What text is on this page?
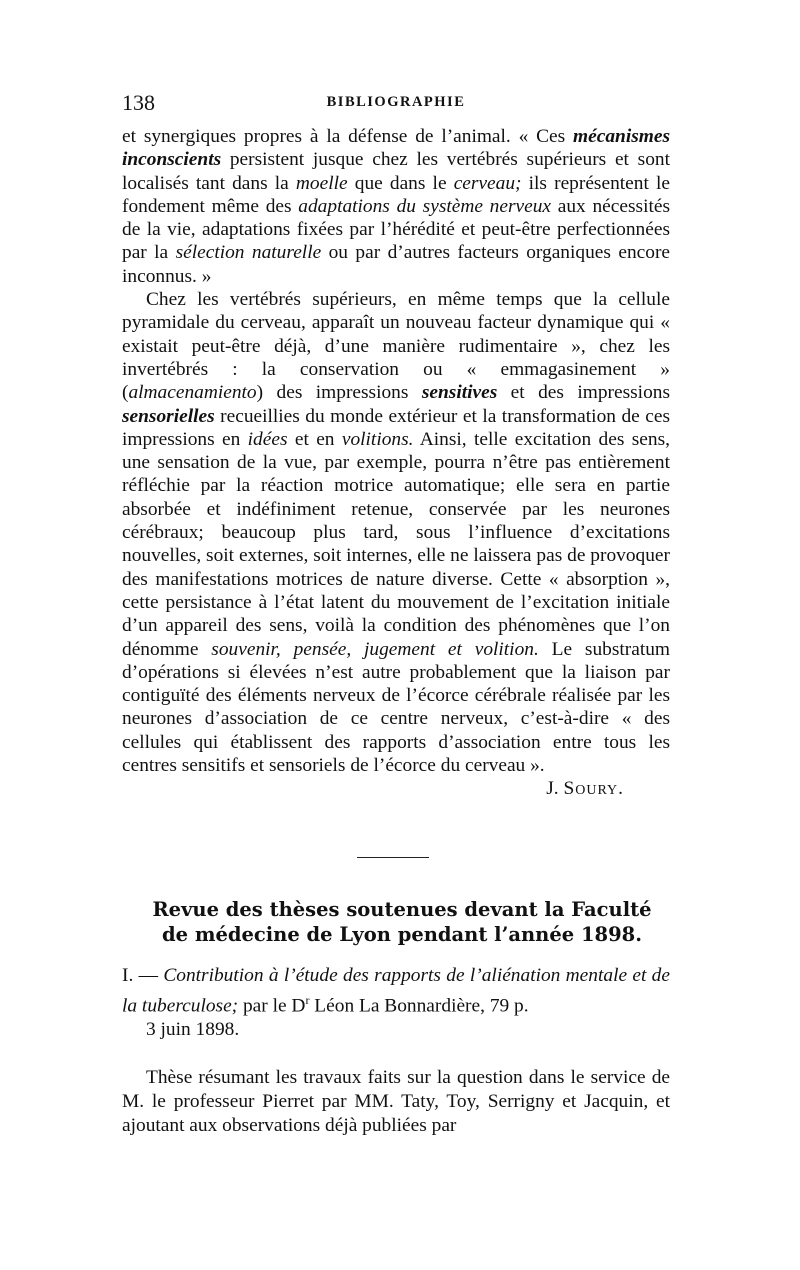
138	BIBLIOGRAPHIE

et synergiques propres à la défense de l’animal. « Ces mécanismes inconscients persistent jusque chez les vertébrés supérieurs et sont localisés tant dans la moelle que dans le cerveau; ils représentent le fondement même des adaptations du système nerveux aux nécessités de la vie, adaptations fixées par l’hérédité et peut-être perfectionnées par la sélection naturelle ou par d’autres facteurs organiques encore inconnus. »

Chez les vertébrés supérieurs, en même temps que la cellule pyramidale du cerveau, apparaît un nouveau facteur dynamique qui « existait peut-être déjà, d’une manière rudimentaire », chez les invertébrés : la conservation ou « emmagasinement » (almacenamiento) des impressions sensitives et des impressions sensorielles recueillies du monde extérieur et la transformation de ces impressions en idées et en volitions. Ainsi, telle excitation des sens, une sensation de la vue, par exemple, pourra n’être pas entièrement réfléchie par la réaction motrice automatique; elle sera en partie absorbée et indéfiniment retenue, conservée par les neurones cérébraux; beaucoup plus tard, sous l’influence d’excitations nouvelles, soit externes, soit internes, elle ne laissera pas de provoquer des manifestations motrices de nature diverse. Cette « absorption », cette persistance à l’état latent du mouvement de l’excitation initiale d’un appareil des sens, voilà la condition des phénomènes que l’on dénomme souvenir, pensée, jugement et volition. Le substratum d’opérations si élevées n’est autre probablement que la liaison par contiguïté des éléments nerveux de l’écorce cérébrale réalisée par les neurones d’association de ce centre nerveux, c’est-à-dire « des cellules qui établissent des rapports d’association entre tous les centres sensitifs et sensoriels de l’écorce du cerveau ».

J. Soury.

Revue des thèses soutenues devant la Faculté
de médecine de Lyon pendant l’année 1898.
I. — Contribution à l’étude des rapports de l’aliénation mentale et de la tuberculose; par le $D^r$ Léon La Bonnardière, 79 p.
3 juin 1898.
Thèse résumant les travaux faits sur la question dans le service de M. le professeur Pierret par MM. Taty, Toy, Serrigny et Jacquin, et ajoutant aux observations déjà publiées par
